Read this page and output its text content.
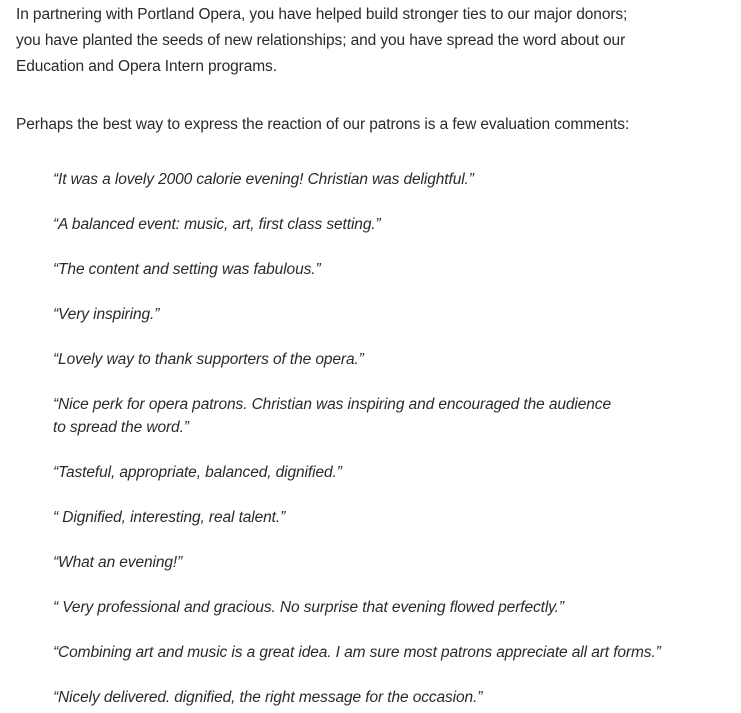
In partnering with Portland Opera, you have helped build stronger ties to our major donors;
you have planted the seeds of new relationships; and you have spread the word about our
Education and Opera Intern programs.

Perhaps the best way to express the reaction of our patrons is a few evaluation comments:

“It was a lovely 2000 calorie evening! Christian was delightful.”
“A balanced event: music, art, first class setting.”
“The content and setting was fabulous.”
“Very inspiring.”
“Lovely way to thank supporters of the opera.”
“Nice perk for opera patrons. Christian was inspiring and encouraged the audience
to spread the word.”
“Tasteful, appropriate, balanced, dignified.”
“ Dignified, interesting, real talent.”
“What an evening!”
“ Very professional and gracious. No surprise that evening flowed perfectly.”
“Combining art and music is a great idea. I am sure most patrons appreciate all art forms.”
“Nicely delivered. dignified, the right message for the occasion.”
